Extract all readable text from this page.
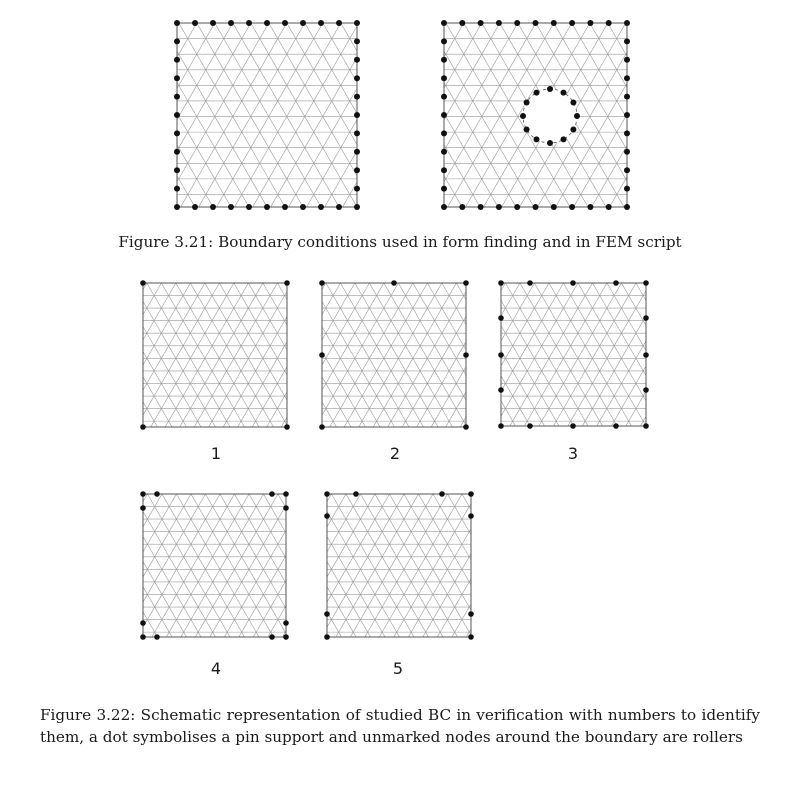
Figure 3.21: Boundary conditions used in form finding and in FEM script
1	2	3
4	5
Figure 3.22: Schematic representation of studied BC in verification with numbers to identify them, a dot symbolises a pin support and unmarked nodes around the boundary are rollers
